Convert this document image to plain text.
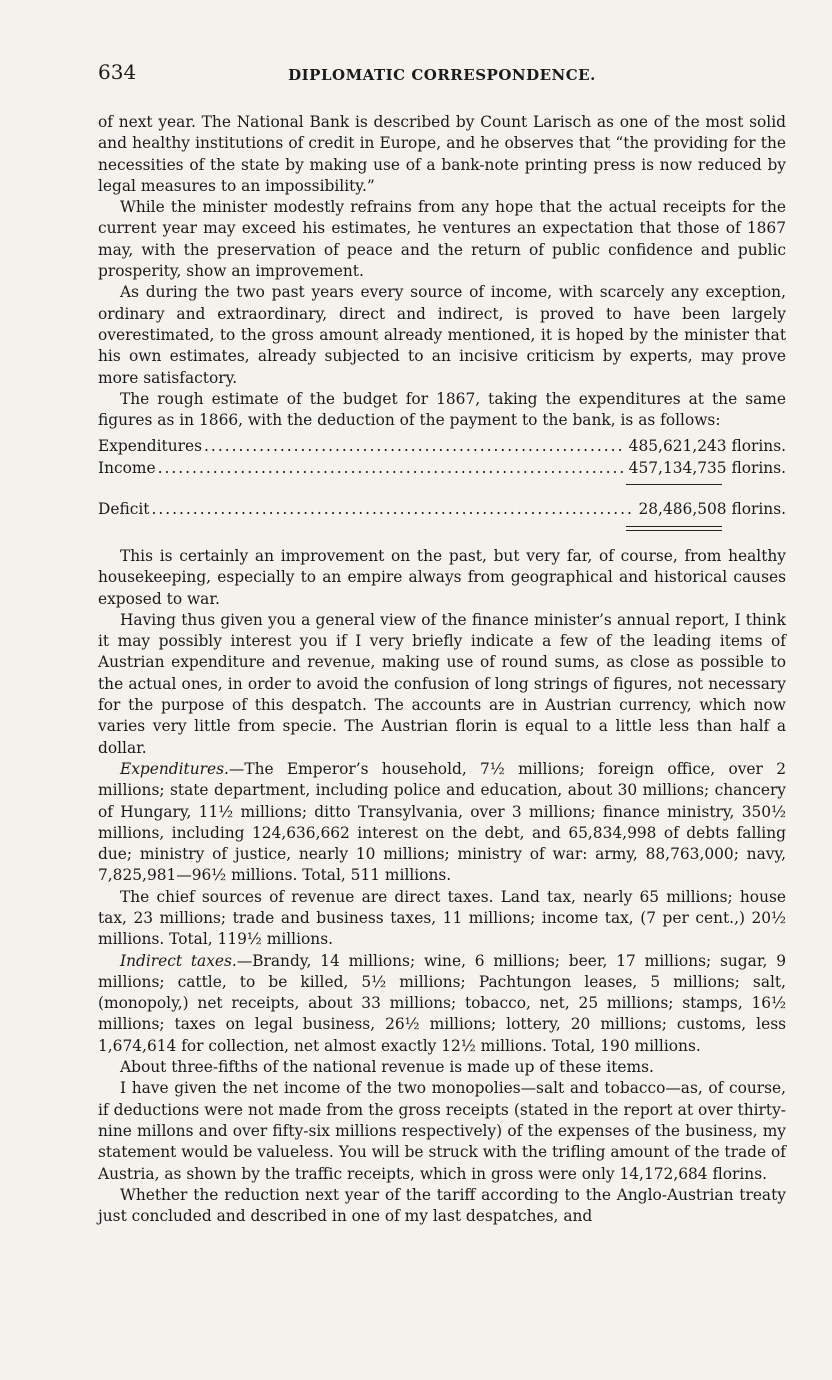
634	DIPLOMATIC CORRESPONDENCE.

of next year. The National Bank is described by Count Larisch as one of the most solid and healthy institutions of credit in Europe, and he observes that “the providing for the necessities of the state by making use of a bank-note printing press is now reduced by legal measures to an impossibility.”

While the minister modestly refrains from any hope that the actual receipts for the current year may exceed his estimates, he ventures an expectation that those of 1867 may, with the preservation of peace and the return of public confidence and public prosperity, show an improvement.

As during the two past years every source of income, with scarcely any exception, ordinary and extraordinary, direct and indirect, is proved to have been largely overestimated, to the gross amount already mentioned, it is hoped by the minister that his own estimates, already subjected to an incisive criticism by experts, may prove more satisfactory.

The rough estimate of the budget for 1867, taking the expenditures at the same figures as in 1866, with the deduction of the payment to the bank, is as follows:

Expenditures .....	485,621,243 florins.
Income .....	457,134,735 florins.
Deficit .....	28,486,508 florins.

This is certainly an improvement on the past, but very far, of course, from healthy housekeeping, especially to an empire always from geographical and historical causes exposed to war.

Having thus given you a general view of the finance minister’s annual report, I think it may possibly interest you if I very briefly indicate a few of the leading items of Austrian expenditure and revenue, making use of round sums, as close as possible to the actual ones, in order to avoid the confusion of long strings of figures, not necessary for the purpose of this despatch. The accounts are in Austrian currency, which now varies very little from specie. The Austrian florin is equal to a little less than half a dollar.

Expenditures.—The Emperor’s household, 7½ millions; foreign office, over 2 millions; state department, including police and education, about 30 millions; chancery of Hungary, 11½ millions; ditto Transylvania, over 3 millions; finance ministry, 350½ millions, including 124,636,662 interest on the debt, and 65,834,998 of debts falling due; ministry of justice, nearly 10 millions; ministry of war: army, 88,763,000; navy, 7,825,981—96½ millions. Total, 511 millions.

The chief sources of revenue are direct taxes. Land tax, nearly 65 millions; house tax, 23 millions; trade and business taxes, 11 millions; income tax, (7 per cent.,) 20½ millions. Total, 119½ millions.

Indirect taxes.—Brandy, 14 millions; wine, 6 millions; beer, 17 millions; sugar, 9 millions; cattle, to be killed, 5½ millions; Pachtungon leases, 5 millions; salt, (monopoly,) net receipts, about 33 millions; tobacco, net, 25 millions; stamps, 16½ millions; taxes on legal business, 26½ millions; lottery, 20 millions; customs, less 1,674,614 for collection, net almost exactly 12½ millions. Total, 190 millions.

About three-fifths of the national revenue is made up of these items.

I have given the net income of the two monopolies—salt and tobacco—as, of course, if deductions were not made from the gross receipts (stated in the report at over thirty-nine millons and over fifty-six millions respectively) of the expenses of the business, my statement would be valueless. You will be struck with the trifling amount of the trade of Austria, as shown by the traffic receipts, which in gross were only 14,172,684 florins.

Whether the reduction next year of the tariff according to the Anglo-Austrian treaty just concluded and described in one of my last despatches, and
